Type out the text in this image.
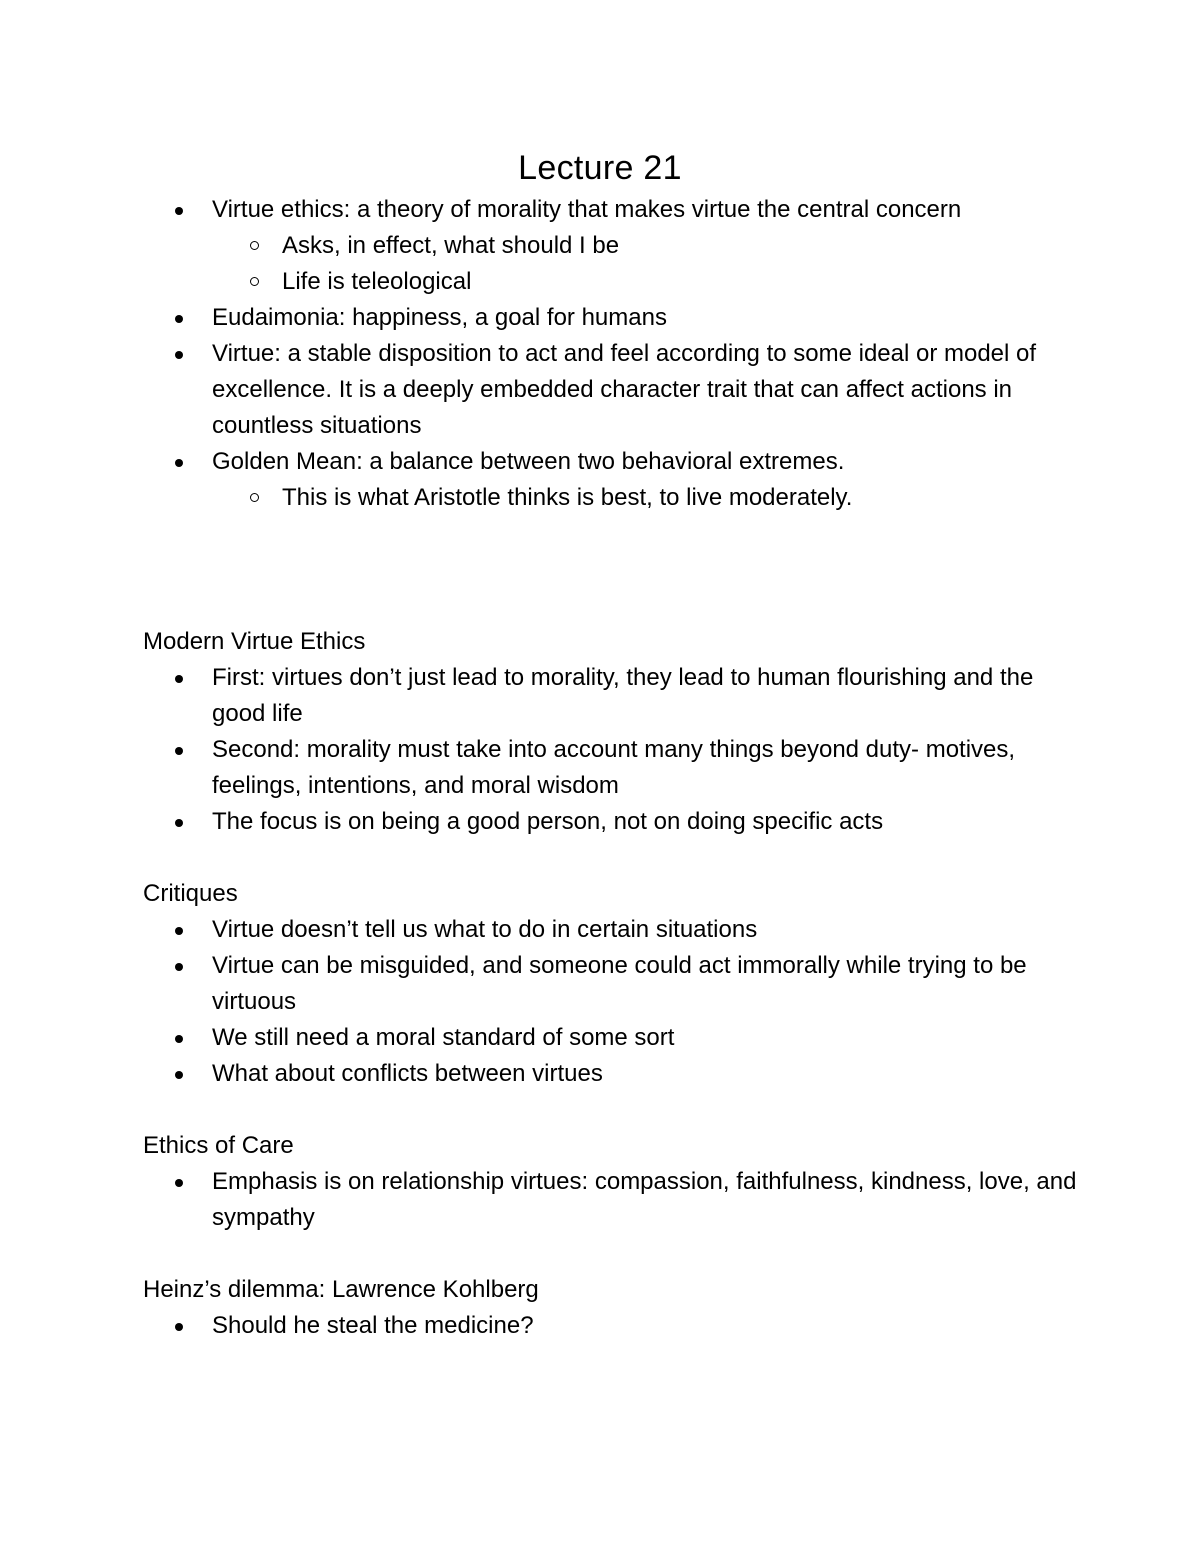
Lecture 21
Virtue ethics: a theory of morality that makes virtue the central concern
Asks, in effect, what should I be
Life is teleological
Eudaimonia: happiness, a goal for humans
Virtue: a stable disposition to act and feel according to some ideal or model of excellence. It is a deeply embedded character trait that can affect actions in countless situations
Golden Mean: a balance between two behavioral extremes.
This is what Aristotle thinks is best, to live moderately.
Modern Virtue Ethics
First: virtues don’t just lead to morality, they lead to human flourishing and the good life
Second: morality must take into account many things beyond duty- motives, feelings, intentions, and moral wisdom
The focus is on being a good person, not on doing specific acts
Critiques
Virtue doesn’t tell us what to do in certain situations
Virtue can be misguided, and someone could act immorally while trying to be virtuous
We still need a moral standard of some sort
What about conflicts between virtues
Ethics of Care
Emphasis is on relationship virtues: compassion, faithfulness, kindness, love, and sympathy
Heinz’s dilemma: Lawrence Kohlberg
Should he steal the medicine?
